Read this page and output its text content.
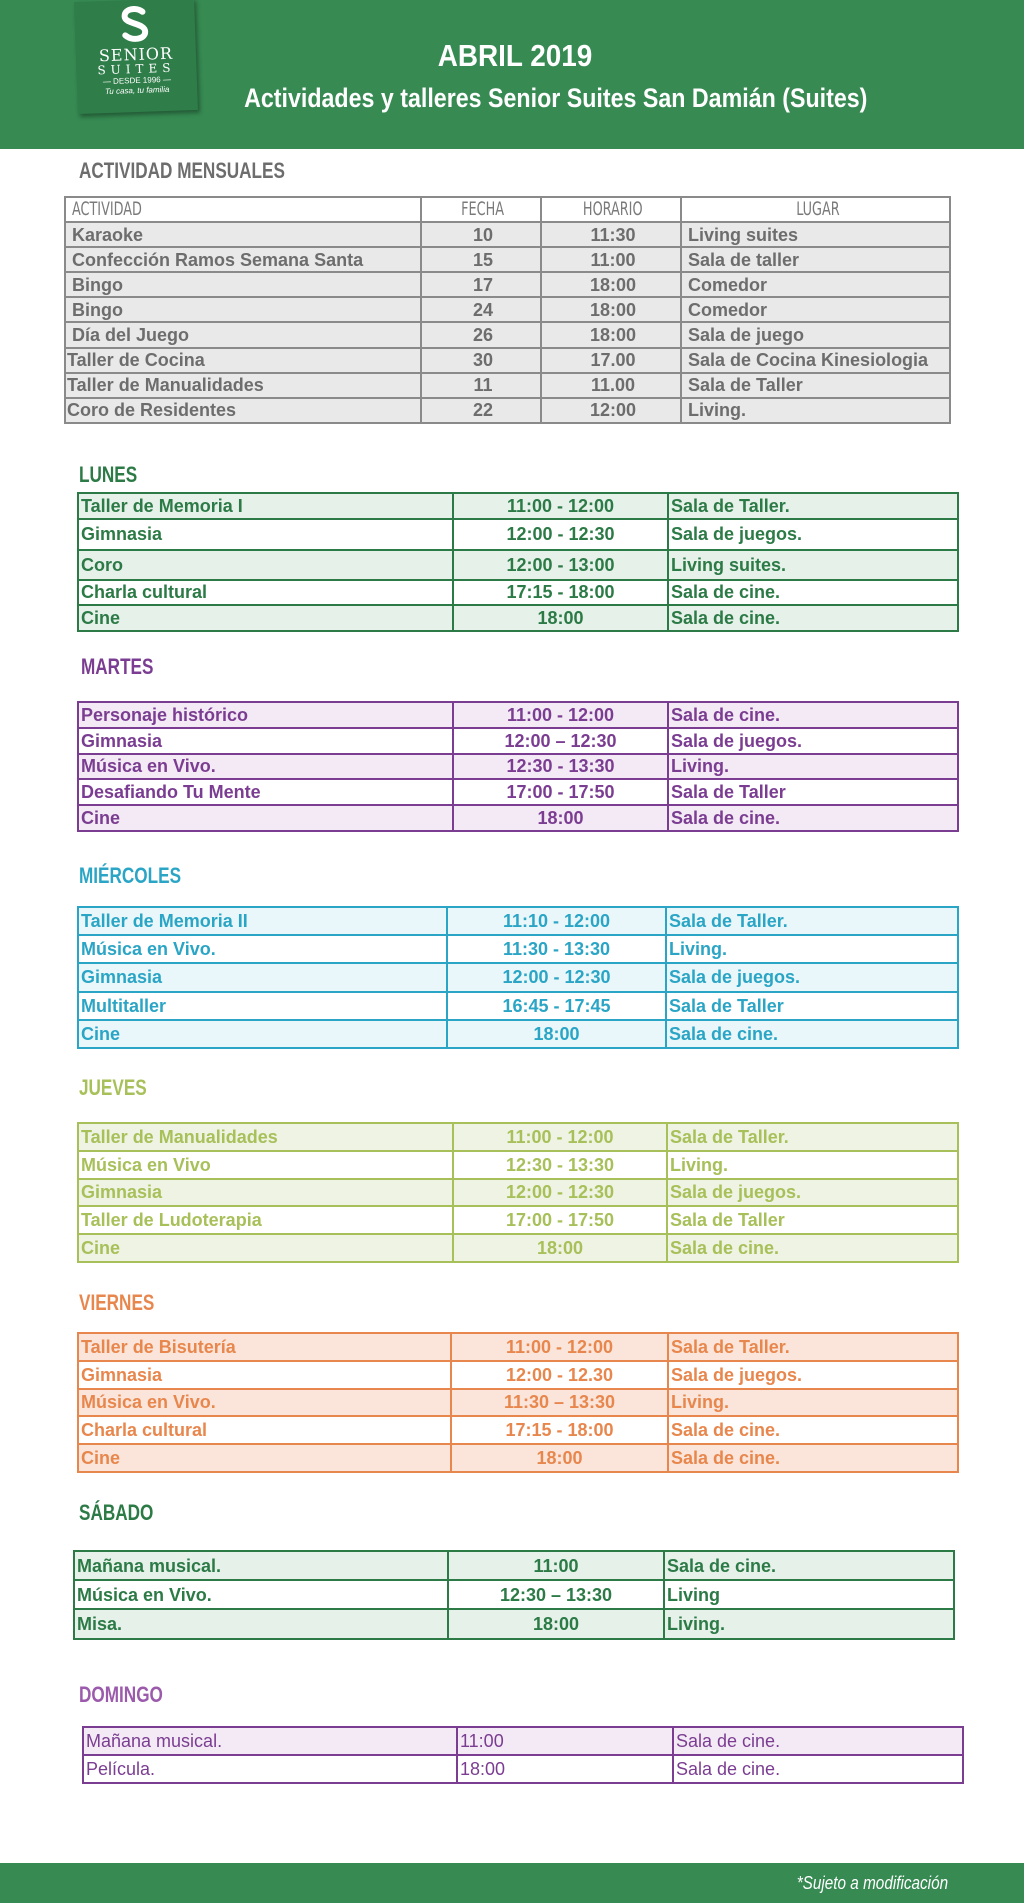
SENIOR
SUITES
— DESDE 1996 —
Tu casa, tu familia
ABRIL 2019
Actividades y talleres Senior Suites San Damián (Suites)
ACTIVIDAD MENSUALES
ACTIVIDAD	FECHA	HORARIO	LUGAR
Karaoke	10	11:30	Living suites
Confección Ramos Semana Santa	15	11:00	Sala de taller
Bingo	17	18:00	Comedor
Bingo	24	18:00	Comedor
Día del Juego	26	18:00	Sala de juego
Taller de Cocina	30	17.00	Sala de Cocina Kinesiologia
Taller de Manualidades	11	11.00	Sala de Taller
Coro de Residentes	22	12:00	Living.
LUNES
Taller de Memoria I	11:00 - 12:00	Sala de Taller.
Gimnasia	12:00 - 12:30	Sala de juegos.
Coro	12:00 - 13:00	Living suites.
Charla cultural	17:15 - 18:00	Sala de cine.
Cine	18:00	Sala de cine.
MARTES
Personaje histórico	11:00 - 12:00	Sala de cine.
Gimnasia	12:00 – 12:30	Sala de juegos.
Música en Vivo.	12:30 - 13:30	Living.
Desafiando Tu Mente	17:00 - 17:50	Sala de Taller
Cine	18:00	Sala de cine.
MIÉRCOLES
Taller de Memoria II	11:10 - 12:00	Sala de Taller.
Música en Vivo.	11:30 - 13:30	Living.
Gimnasia	12:00 - 12:30	Sala de juegos.
Multitaller	16:45 - 17:45	Sala de Taller
Cine	18:00	Sala de cine.
JUEVES
Taller de Manualidades	11:00 - 12:00	Sala de Taller.
Música en Vivo	12:30 - 13:30	Living.
Gimnasia	12:00 - 12:30	Sala de juegos.
Taller de Ludoterapia	17:00 - 17:50	Sala de Taller
Cine	18:00	Sala de cine.
VIERNES
Taller de Bisutería	11:00 - 12:00	Sala de Taller.
Gimnasia	12:00 - 12.30	Sala de juegos.
Música en Vivo.	11:30 – 13:30	Living.
Charla cultural	17:15 - 18:00	Sala de cine.
Cine	18:00	Sala de cine.
SÁBADO
Mañana musical.	11:00	Sala de cine.
Música en Vivo.	12:30 – 13:30	Living
Misa.	18:00	Living.
DOMINGO
Mañana musical.	11:00	Sala de cine.
Película.	18:00	Sala de cine.
*Sujeto a modificación
